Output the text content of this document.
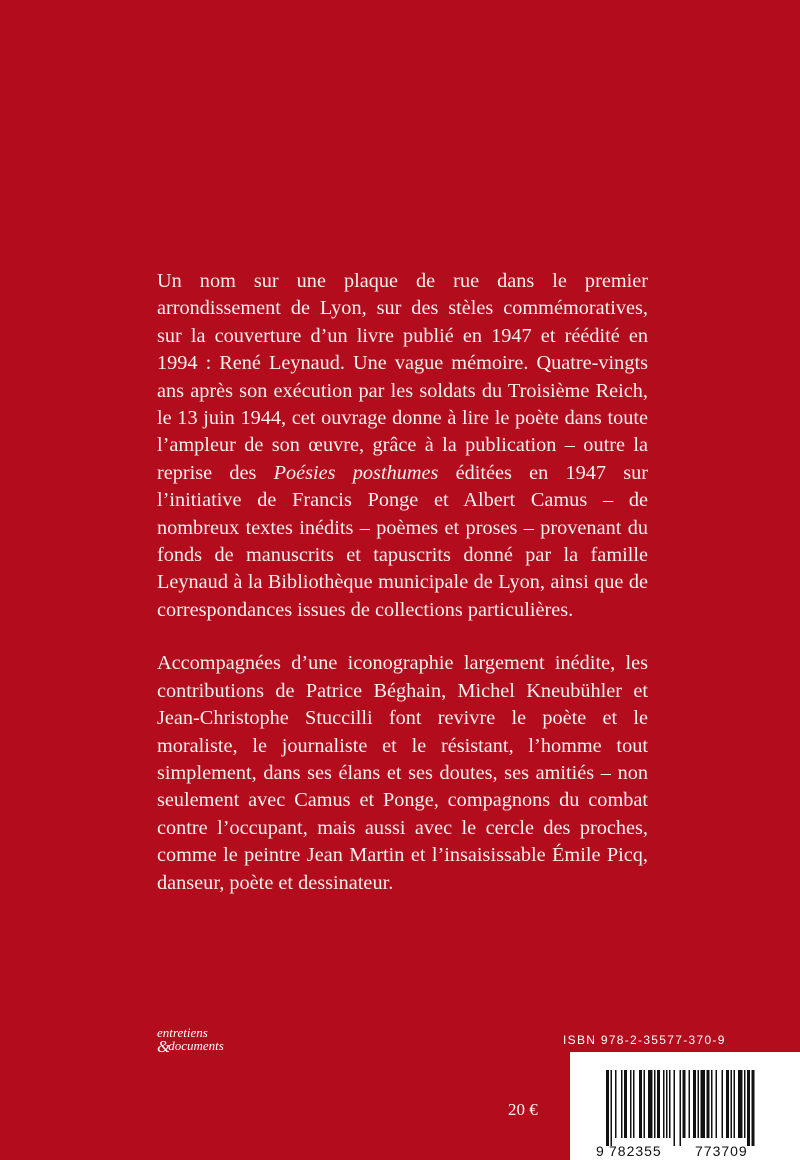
Un nom sur une plaque de rue dans le premier arrondissement de Lyon, sur des stèles commémoratives, sur la couverture d’un livre publié en 1947 et réédité en 1994 : René Leynaud. Une vague mémoire. Quatre-vingts ans après son exécution par les soldats du Troisième Reich, le 13 juin 1944, cet ouvrage donne à lire le poète dans toute l’ampleur de son œuvre, grâce à la publication – outre la reprise des Poésies posthumes éditées en 1947 sur l’initiative de Francis Ponge et Albert Camus – de nombreux textes inédits – poèmes et proses – provenant du fonds de manuscrits et tapuscrits donné par la famille Leynaud à la Bibliothèque municipale de Lyon, ainsi que de correspondances issues de collections particulières.

Accompagnées d’une iconographie largement inédite, les contributions de Patrice Béghain, Michel Kneubühler et Jean-Christophe Stuccilli font revivre le poète et le moraliste, le journaliste et le résistant, l’homme tout simplement, dans ses élans et ses doutes, ses amitiés – non seulement avec Camus et Ponge, compagnons du combat contre l’occupant, mais aussi avec le cercle des proches, comme le peintre Jean Martin et l’insaisissable Émile Picq, danseur, poète et dessinateur.

entretiens
&documents
20 €
ISBN 978-2-35577-370-9
9 782355 773709
